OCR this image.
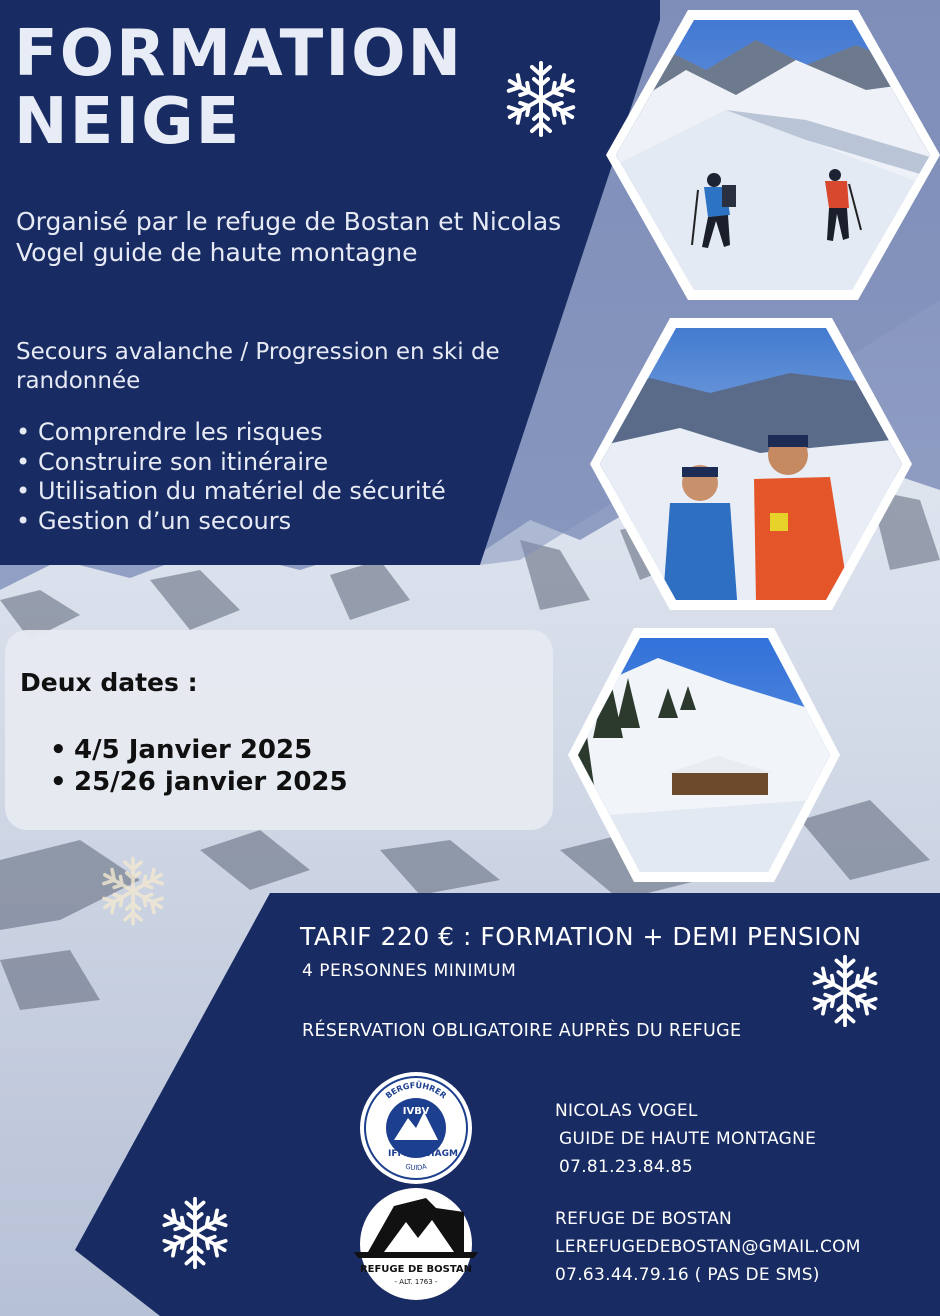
FORMATION
NEIGE

Organisé par le refuge de Bostan et Nicolas Vogel guide de haute montagne

Secours avalanche / Progression en ski de randonnée

• Comprendre les risques
• Construire son itinéraire
• Utilisation du matériel de sécurité
• Gestion d’un secours

Deux dates :

• 4/5 Janvier 2025
• 25/26 janvier 2025

TARIF 220 € : FORMATION + DEMI PENSION

4 PERSONNES MINIMUM

RÉSERVATION OBLIGATOIRE AUPRÈS DU REFUGE

BERGFÜHRER
IVBV
IFMGA UIAGM
GUIDA
REFUGE DE BOSTAN
- ALT. 1763 -
NICOLAS VOGEL
GUIDE DE HAUTE MONTAGNE
07.81.23.84.85
REFUGE DE BOSTAN
LEREFUGEDEBOSTAN@GMAIL.COM
07.63.44.79.16 ( PAS DE SMS)
